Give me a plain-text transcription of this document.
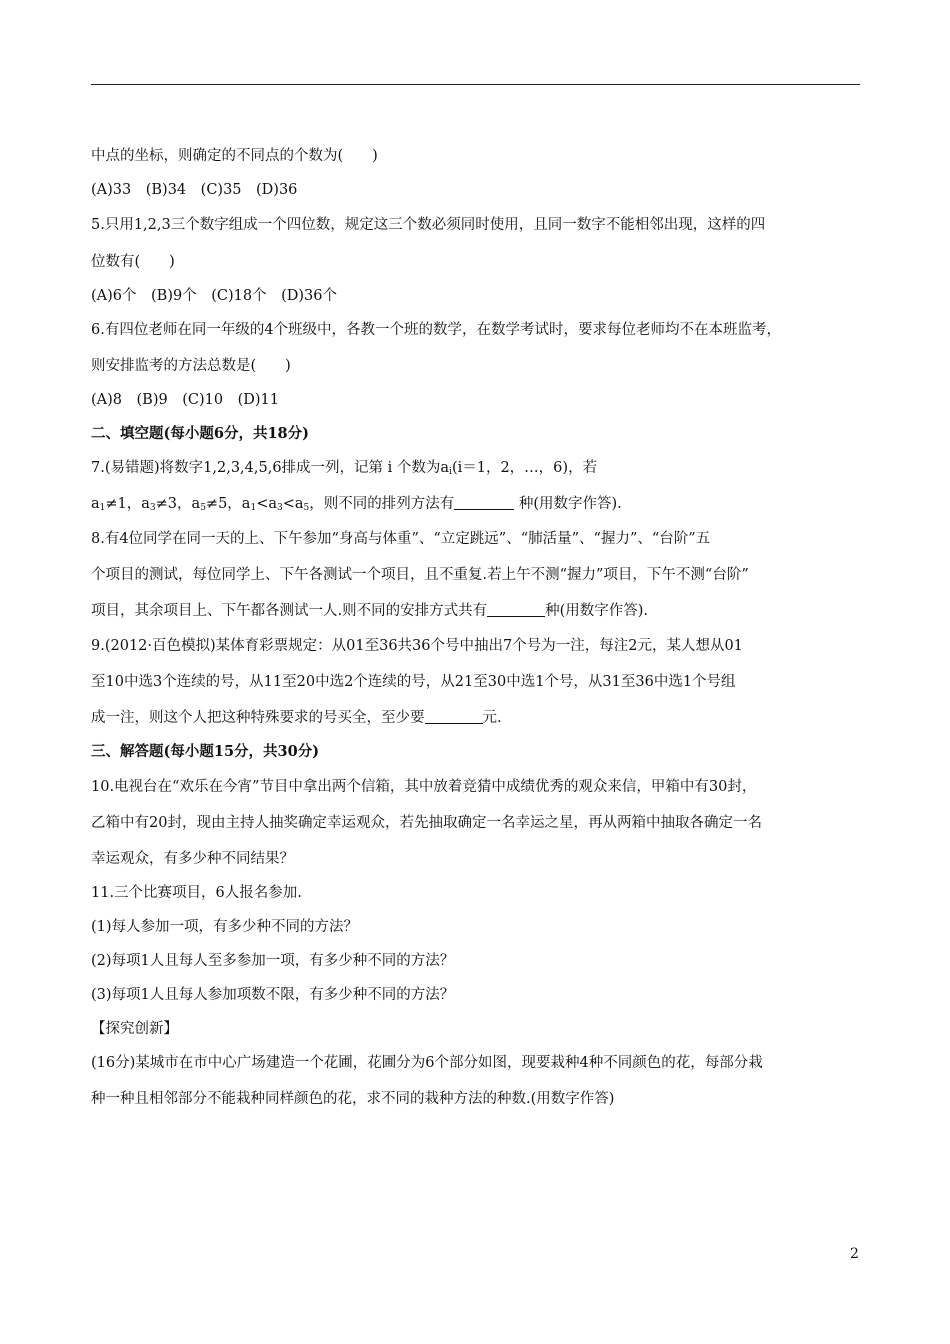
中点的坐标，则确定的不同点的个数为(　　)
(A)33　(B)34　(C)35　(D)36
5.只用1,2,3三个数字组成一个四位数，规定这三个数必须同时使用，且同一数字不能相邻出现，这样的四
位数有(　　)
(A)6个　(B)9个　(C)18个　(D)36个
6.有四位老师在同一年级的4个班级中，各教一个班的数学，在数学考试时，要求每位老师均不在本班监考，
则安排监考的方法总数是(　　)
(A)8　(B)9　(C)10　(D)11
二、填空题(每小题6分，共18分)
7.(易错题)将数字1,2,3,4,5,6排成一列，记第 i 个数为$a_i(i=1$，2，…，6)，若
$a_1\ne 1$，$a_3\ne 3$，$a_5\ne 5$，$a_1<a_3<a_5$，则不同的排列方法有	种(用数字作答).
8.有4位同学在同一天的上、下午参加“身高与体重”、“立定跳远”、“肺活量”、“握力”、“台阶”五
个项目的测试，每位同学上、下午各测试一个项目，且不重复.若上午不测“握力”项目，下午不测“台阶”
项目，其余项目上、下午都各测试一人.则不同的安排方式共有	种(用数字作答).
9.(2012·百色模拟)某体育彩票规定：从01至36共36个号中抽出7个号为一注，每注2元，某人想从01
至10中选3个连续的号，从11至20中选2个连续的号，从21至30中选1个号，从31至36中选1个号组
成一注，则这个人把这种特殊要求的号买全，至少要	元.
三、解答题(每小题15分，共30分)
10.电视台在“欢乐在今宵”节目中拿出两个信箱，其中放着竞猜中成绩优秀的观众来信，甲箱中有30封，
乙箱中有20封，现由主持人抽奖确定幸运观众，若先抽取确定一名幸运之星，再从两箱中抽取各确定一名
幸运观众，有多少种不同结果？
11.三个比赛项目，6人报名参加.
(1)每人参加一项，有多少种不同的方法？
(2)每项1人且每人至多参加一项，有多少种不同的方法？
(3)每项1人且每人参加项数不限，有多少种不同的方法？
【探究创新】
(16分)某城市在市中心广场建造一个花圃，花圃分为6个部分如图，现要栽种4种不同颜色的花，每部分栽
种一种且相邻部分不能栽种同样颜色的花，求不同的栽种方法的种数.(用数字作答)
2
